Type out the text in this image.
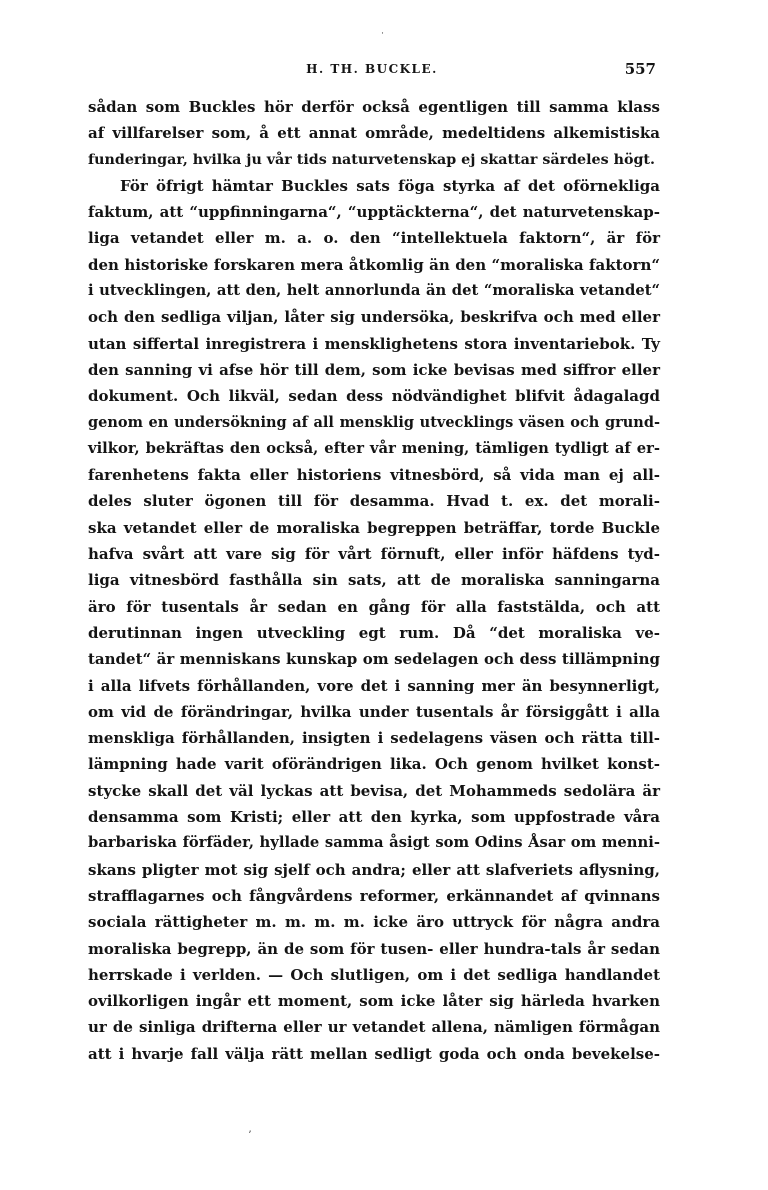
˙
H. TH. BUCKLE.	557
sådan som Buckles hör derför också egentligen till samma klass
af villfarelser som, å ett annat område, medeltidens alkemistiska
funderingar, hvilka ju vår tids naturvetenskap ej skattar särdeles högt.
För öfrigt hämtar Buckles sats föga styrka af det oförnekliga
faktum, att “uppfinningarna“, “upptäckterna“, det naturvetenskap-
liga vetandet eller m. a. o. den “intellektuela faktorn“, är för
den historiske forskaren mera åtkomlig än den “moraliska faktorn“
i utvecklingen, att den, helt annorlunda än det “moraliska vetandet“
och den sedliga viljan, låter sig undersöka, beskrifva och med eller
utan siffertal inregistrera i mensklighetens stora inventariebok. Ty
den sanning vi afse hör till dem, som icke bevisas med siffror eller
dokument. Och likväl, sedan dess nödvändighet blifvit ådagalagd
genom en undersökning af all mensklig utvecklings väsen och grund-
vilkor, bekräftas den också, efter vår mening, tämligen tydligt af er-
farenhetens fakta eller historiens vitnesbörd, så vida man ej all-
deles sluter ögonen till för desamma. Hvad t. ex. det morali-
ska vetandet eller de moraliska begreppen beträffar, torde Buckle
hafva svårt att vare sig för vårt förnuft, eller inför häfdens tyd-
liga vitnesbörd fasthålla sin sats, att de moraliska sanningarna
äro för tusentals år sedan en gång för alla faststälda, och att
derutinnan ingen utveckling egt rum. Då “det moraliska ve-
tandet“ är menniskans kunskap om sedelagen och dess tillämpning
i alla lifvets förhållanden, vore det i sanning mer än besynnerligt,
om vid de förändringar, hvilka under tusentals år försiggått i alla
menskliga förhållanden, insigten i sedelagens väsen och rätta till-
lämpning hade varit oförändrigen lika. Och genom hvilket konst-
stycke skall det väl lyckas att bevisa, det Mohammeds sedolära är
densamma som Kristi; eller att den kyrka, som uppfostrade våra
barbariska förfäder, hyllade samma åsigt som Odins Åsar om menni-
skans pligter mot sig sjelf och andra; eller att slafveriets aflysning,
strafflagarnes och fångvårdens reformer, erkännandet af qvinnans
sociala rättigheter m. m. m. m. icke äro uttryck för några andra
moraliska begrepp, än de som för tusen- eller hundra-tals år sedan
herrskade i verlden. — Och slutligen, om i det sedliga handlandet
ovilkorligen ingår ett moment, som icke låter sig härleda hvarken
ur de sinliga drifterna eller ur vetandet allena, nämligen förmågan
att i hvarje fall välja rätt mellan sedligt goda och onda bevekelse-
ʼ
